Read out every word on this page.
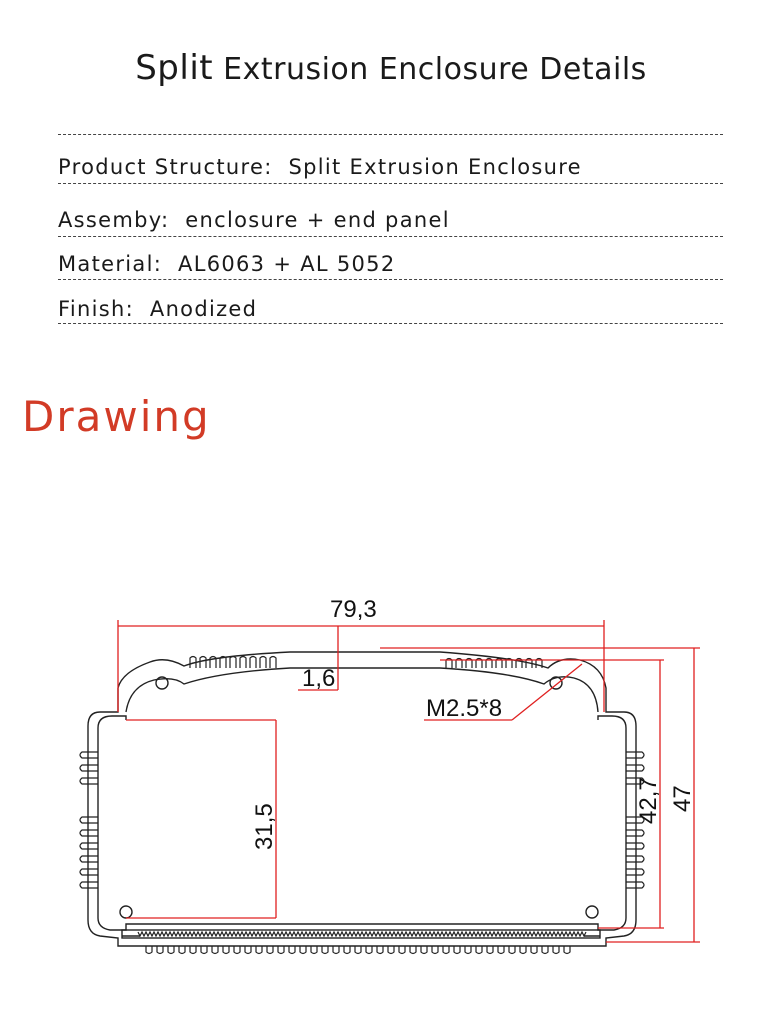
Split Extrusion Enclosure Details
Product Structure:  Split Extrusion Enclosure
Assemby:  enclosure + end panel
Material:  AL6063 + AL 5052
Finish:  Anodized
Drawing
79,3
1,6
M2.5*8
31,5
42,7 47
